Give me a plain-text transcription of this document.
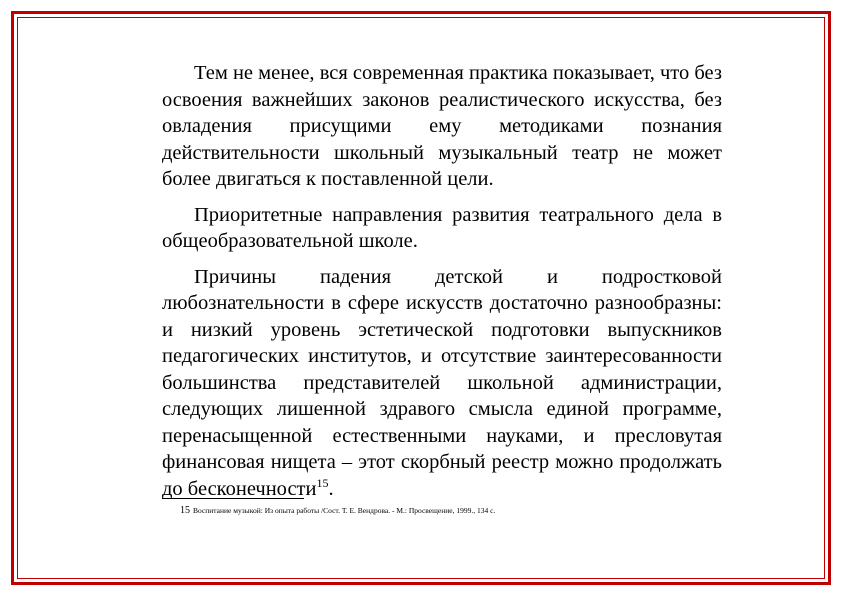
Тем не менее, вся современная практика показывает, что без освоения важнейших законов реалистического искусства, без овладения присущими ему методиками познания действительности школьный музыкальный театр не может более двигаться к поставленной цели.

Приоритетные направления развития театрального дела в общеобразовательной школе.

Причины падения детской и подростковой любознательности в сфере искусств достаточно разнообразны: и низкий уровень эстетической подготовки выпускников педагогических институтов, и отсутствие заинтересованности большинства представителей школьной администрации, следующих лишенной здравого смысла единой программе, перенасыщенной естественными науками, и пресловутая финансовая нищета – этот скорбный реестр можно продолжать до бесконечности$^{15}$.

15 Воспитание музыкой: Из опыта работы /Сост. Т. Е. Вендрова. - М.: Просвещение, 1999., 134 с.
